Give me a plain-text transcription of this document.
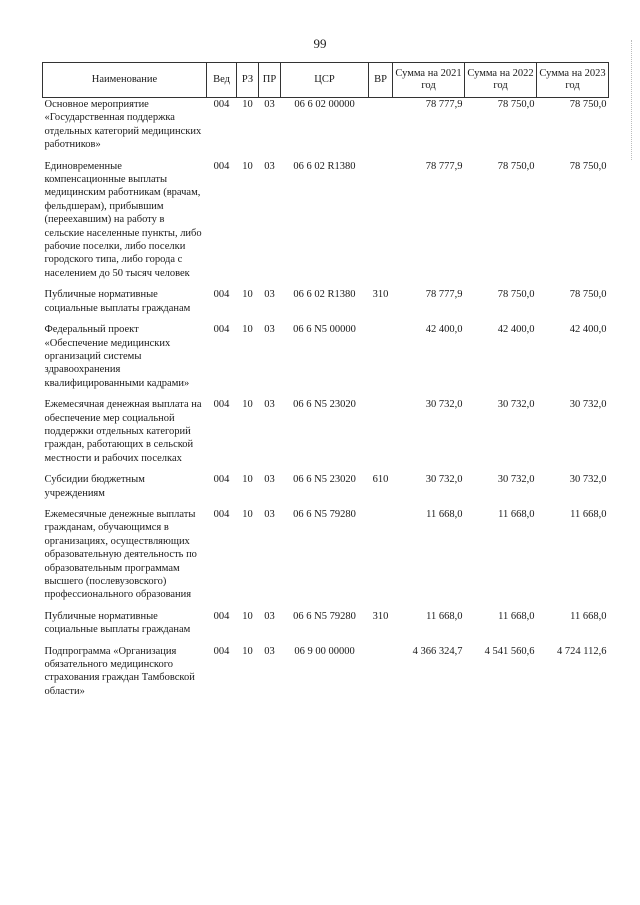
99
Наименование	Вед	РЗ	ПР	ЦСР	ВР	Сумма на 2021 год	Сумма на 2022 год	Сумма на 2023 год
Основное мероприятие «Государственная поддержка отдельных категорий медицинских работников»	004	10	03	06 6 02 00000		78 777,9	78 750,0	78 750,0
Единовременные компенсационные выплаты медицинским работникам (врачам, фельдшерам), прибывшим (переехавшим) на работу в сельские населенные пункты, либо рабочие поселки, либо поселки городского типа, либо города с населением до 50 тысяч человек	004	10	03	06 6 02 R1380		78 777,9	78 750,0	78 750,0
Публичные нормативные социальные выплаты гражданам	004	10	03	06 6 02 R1380	310	78 777,9	78 750,0	78 750,0
Федеральный проект «Обеспечение медицинских организаций системы здравоохранения квалифицированными кадрами»	004	10	03	06 6 N5 00000		42 400,0	42 400,0	42 400,0
Ежемесячная денежная выплата на обеспечение мер социальной поддержки отдельных категорий граждан, работающих в сельской местности и рабочих поселках	004	10	03	06 6 N5 23020		30 732,0	30 732,0	30 732,0
Субсидии бюджетным учреждениям	004	10	03	06 6 N5 23020	610	30 732,0	30 732,0	30 732,0
Ежемесячные денежные выплаты гражданам, обучающимся в организациях, осуществляющих образовательную деятельность по образовательным программам высшего (послевузовского) профессионального образования	004	10	03	06 6 N5 79280		11 668,0	11 668,0	11 668,0
Публичные нормативные социальные выплаты гражданам	004	10	03	06 6 N5 79280	310	11 668,0	11 668,0	11 668,0
Подпрограмма «Организация обязательного медицинского страхования граждан Тамбовской области»	004	10	03	06 9 00 00000		4 366 324,7	4 541 560,6	4 724 112,6
